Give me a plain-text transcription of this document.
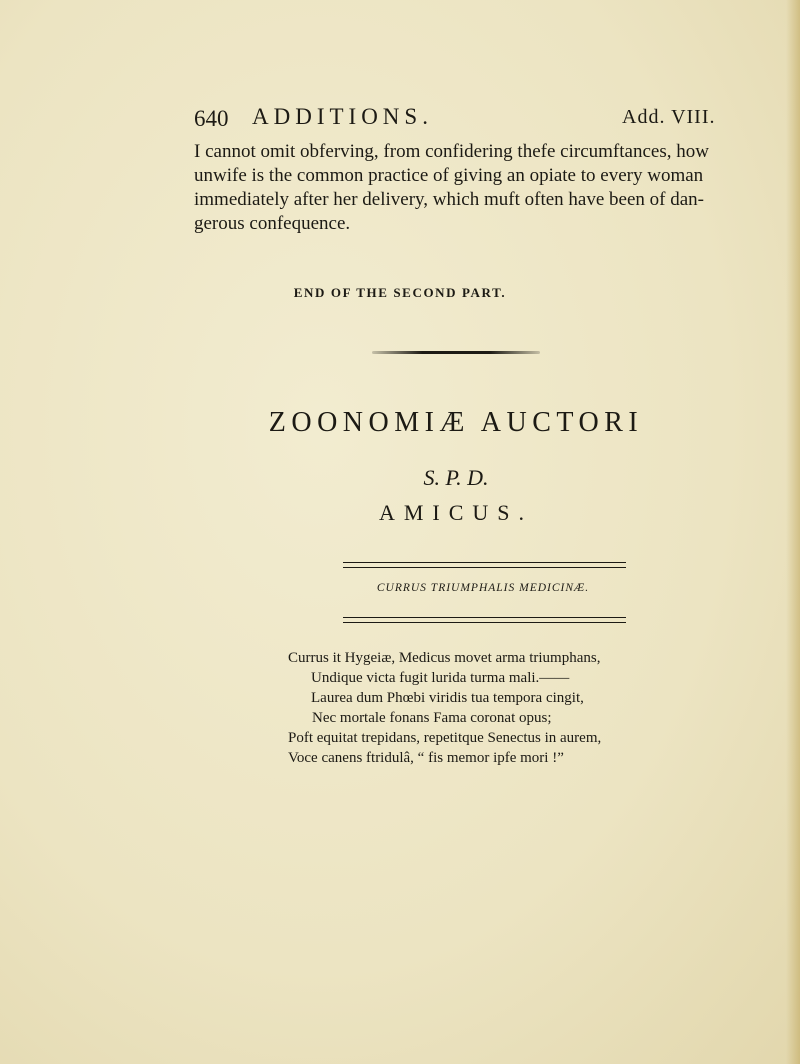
640 ADDITIONS.	Add. VIII.

I cannot omit obferving, from confidering thefe circumftances, how
unwife is the common practice of giving an opiate to every woman
immediately after her delivery, which muft often have been of dan-
gerous confequence.

END OF THE SECOND PART.
ZOONOMIÆ AUCTORI
S. P. D.
AMICUS.
CURRUS TRIUMPHALIS MEDICINÆ.

Currus it Hygeiæ, Medicus movet arma triumphans,
Undique victa fugit lurida turma mali.——
Laurea dum Phœbi viridis tua tempora cingit,
Nec mortale fonans Fama coronat opus;
Poft equitat trepidans, repetitque Senectus in aurem,
Voce canens ftridulâ, “ fis memor ipfe mori !”
